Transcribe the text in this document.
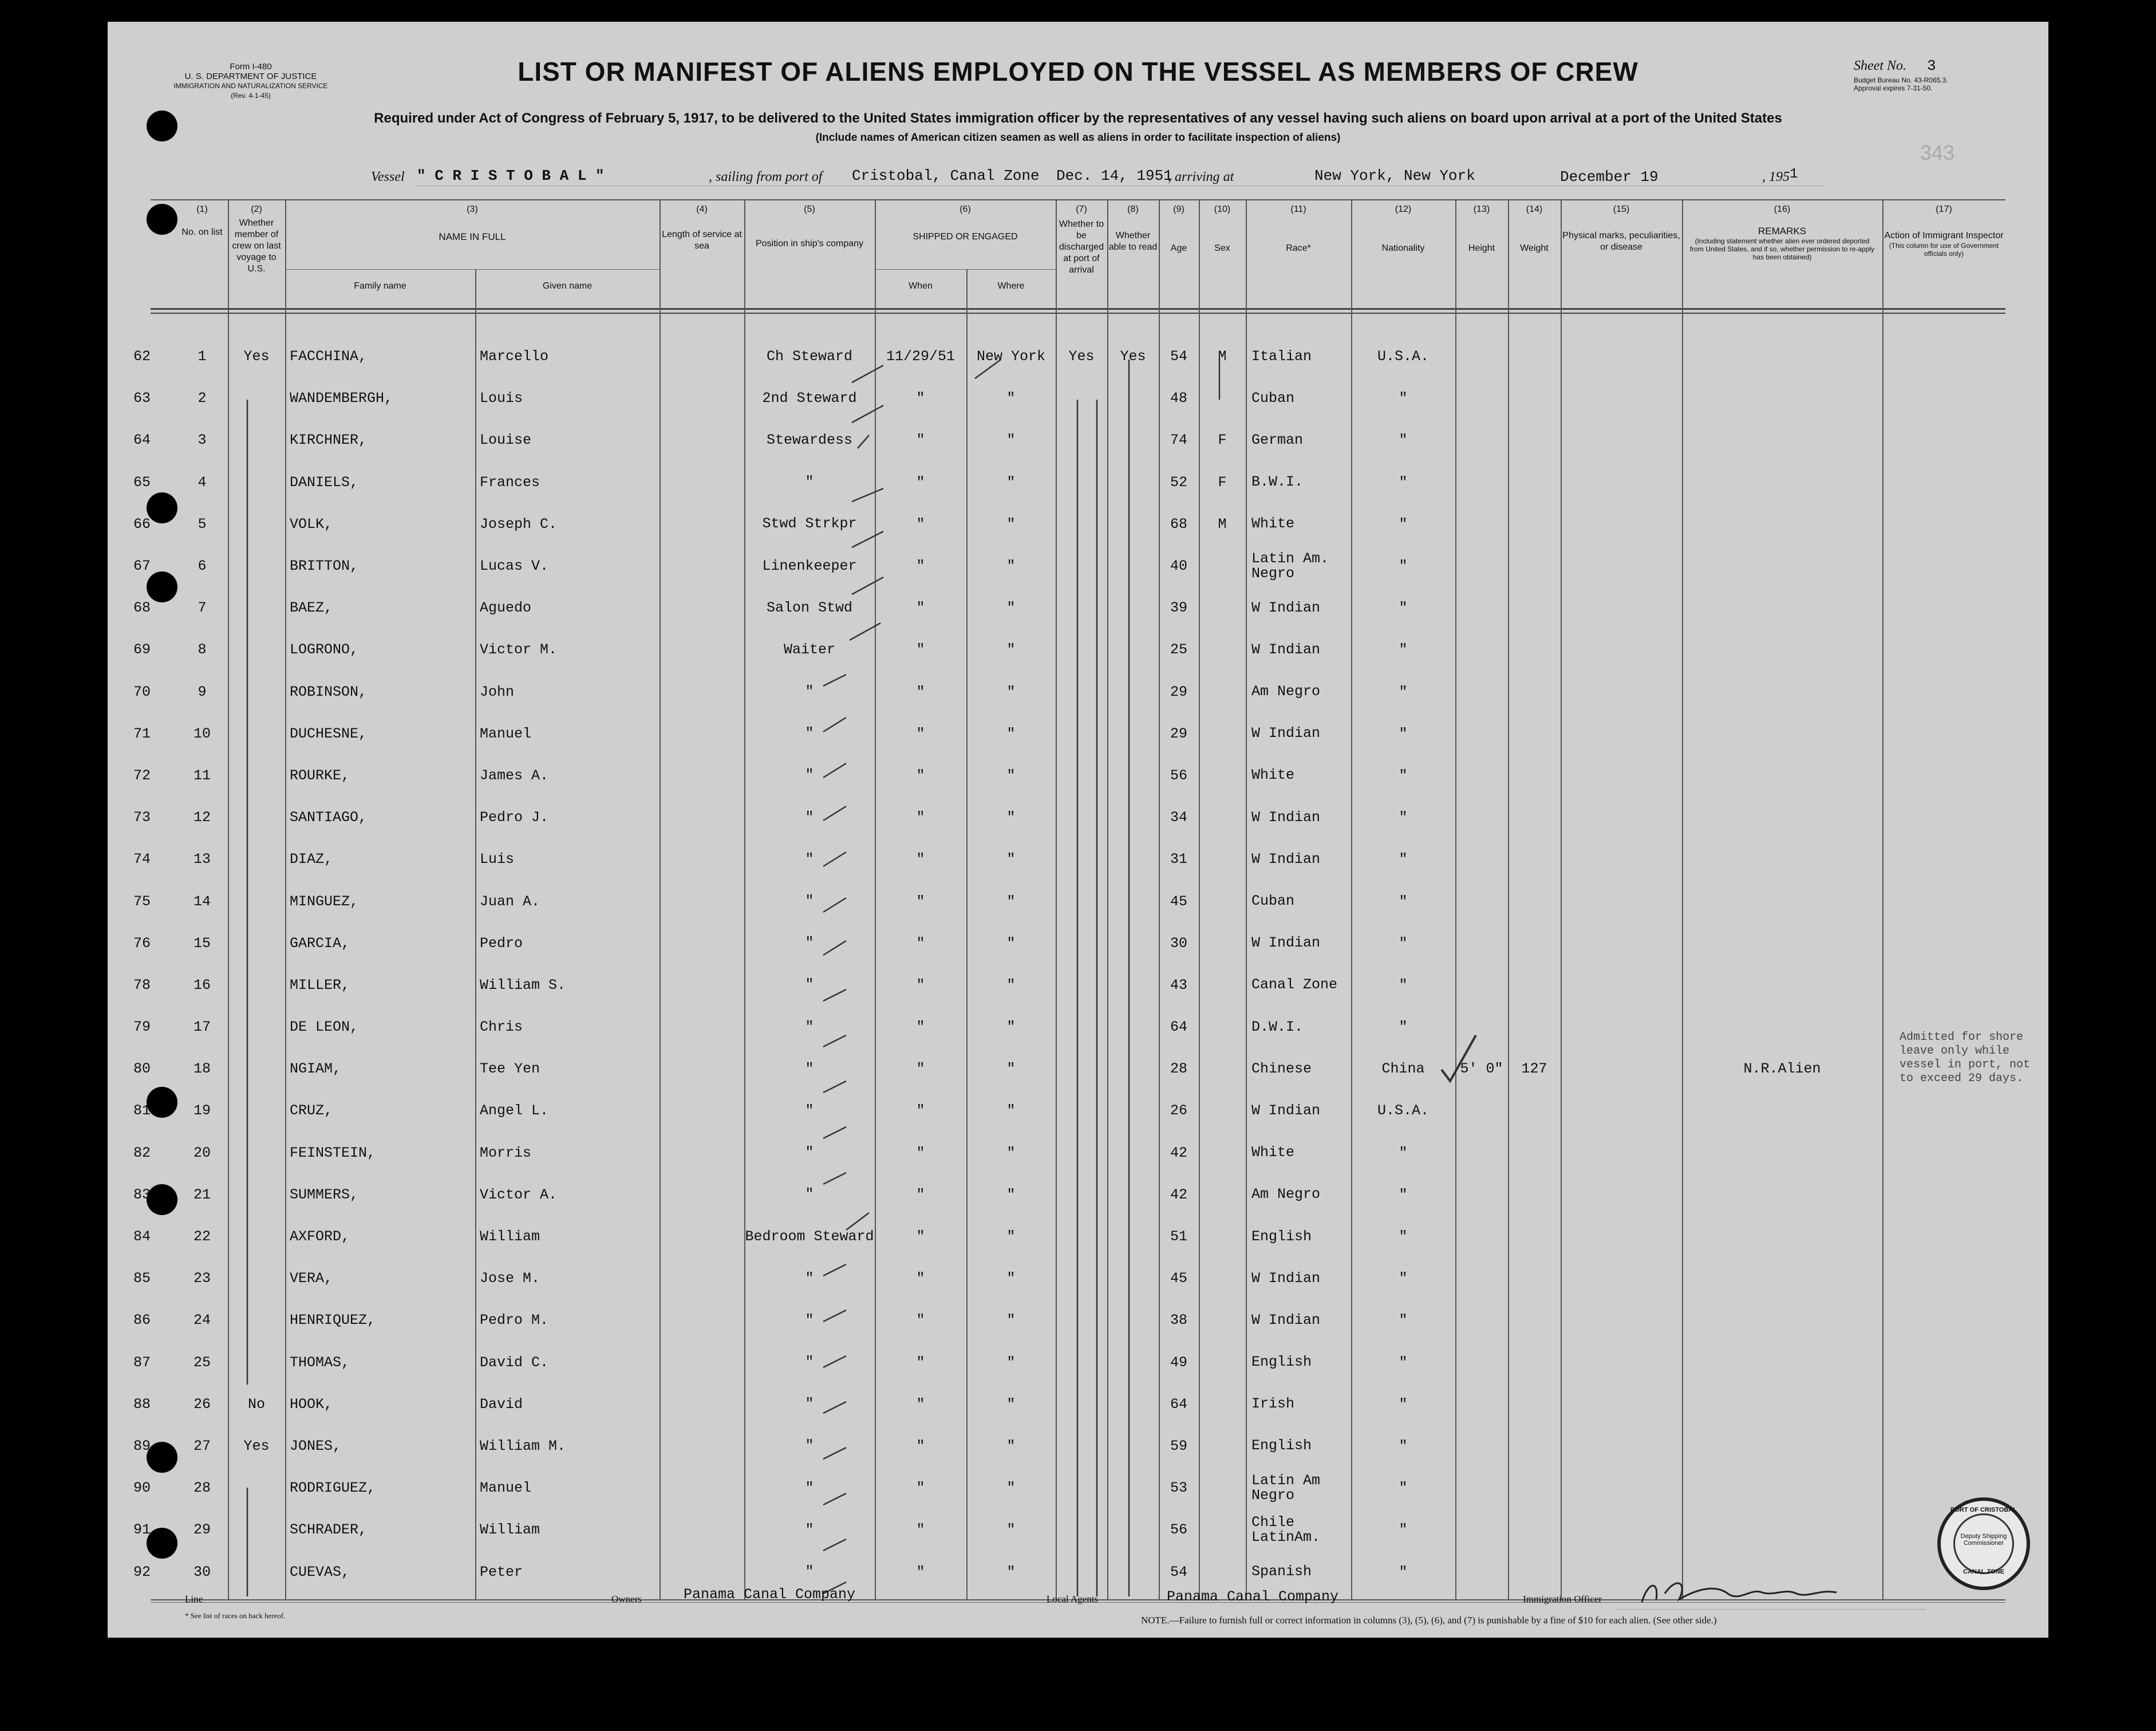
Form I-480
U. S. DEPARTMENT OF JUSTICE
IMMIGRATION AND NATURALIZATION SERVICE
(Rev. 4-1-45)
LIST OR MANIFEST OF ALIENS EMPLOYED ON THE VESSEL AS MEMBERS OF CREW	Sheet No. 3
Budget Bureau No. 43-R065.3.
Approval expires 7-31-50.
Required under Act of Congress of February 5, 1917, to be delivered to the United States immigration officer by the representatives of any vessel having such aliens on board upon arrival at a port of the United States
(Include names of American citizen seamen as well as aliens in order to facilitate inspection of aliens)
343
Vessel " C R I S T O B A L "	, sailing from port of Cristobal, Canal Zone Dec. 14, 1951
, arriving at	New York, New York	December 19	, 1951
(1)
No. on list
(2)
Whether member of crew on last voyage to U.S.
(3)
NAME IN FULL
Family name	Given name
(4)
Length of service at sea
(5)
Position in ship's company
(6)
SHIPPED OR ENGAGED
When	Where
(7)
Whether to be discharged at port of arrival
(8)
Whether able to read
(9)
Age
(10)
Sex
(11)
Race*
(12)
Nationality
(13)
Height
(14)
Weight
(15)
Physical marks, peculiarities, or disease
(16)
REMARKS
(Including statement whether alien ever ordered deported from United States, and if so, whether permission to re-apply has been obtained)
(17)
Action of Immigrant Inspector
(This column for use of Government officials only)
62	1	Yes	FACCHINA,	Marcello		Ch Steward	11/29/51	New York	Yes	Yes	54	M	Italian	U.S.A.					
63	2		WANDEMBERGH,	Louis		2nd Steward	"	"			48		Cuban	"					
64	3		KIRCHNER,	Louise		Stewardess	"	"			74	F	German	"					
65	4		DANIELS,	Frances		"	"	"			52	F	B.W.I.	"					
66	5		VOLK,	Joseph C.		Stwd Strkpr	"	"			68	M	White	"					
67	6		BRITTON,	Lucas V.		Linenkeeper	"	"			40		Latin Am. Negro	"					
68	7		BAEZ,	Aguedo		Salon Stwd	"	"			39		W Indian	"					
69	8		LOGRONO,	Victor M.		Waiter	"	"			25		W Indian	"					
70	9		ROBINSON,	John		"	"	"			29		Am Negro	"					
71	10		DUCHESNE,	Manuel		"	"	"			29		W Indian	"					
72	11		ROURKE,	James A.		"	"	"			56		White	"					
73	12		SANTIAGO,	Pedro J.		"	"	"			34		W Indian	"					
74	13		DIAZ,	Luis		"	"	"			31		W Indian	"					
75	14		MINGUEZ,	Juan A.		"	"	"			45		Cuban	"					
76	15		GARCIA,	Pedro		"	"	"			30		W Indian	"					
78	16		MILLER,	William S.		"	"	"			43		Canal Zone	"					
79	17		DE LEON,	Chris		"	"	"			64		D.W.I.	"					
80	18		NGIAM,	Tee Yen		"	"	"			28		Chinese	China	5' 0"	127		N.R.Alien	
81	19		CRUZ,	Angel L.		"	"	"			26		W Indian	U.S.A.					
82	20		FEINSTEIN,	Morris		"	"	"			42		White	"					
83	21		SUMMERS,	Victor A.		"	"	"			42		Am Negro	"					
84	22		AXFORD,	William		Bedroom Steward	"	"			51		English	"					
85	23		VERA,	Jose M.		"	"	"			45		W Indian	"					
86	24		HENRIQUEZ,	Pedro M.		"	"	"			38		W Indian	"					
87	25		THOMAS,	David C.		"	"	"			49		English	"					
88	26	No	HOOK,	David		"	"	"			64		Irish	"					
89	27	Yes	JONES,	William M.		"	"	"			59		English	"					
90	28		RODRIGUEZ,	Manuel		"	"	"			53		Latin Am Negro	"					
91	29		SCHRADER,	William		"	"	"			56		Chile LatinAm.	"					
92	30		CUEVAS,	Peter		"	"	"			54		Spanish	"					
Admitted for shore leave only while vessel in port, not to exceed 29 days.
Line	Owners	Panama Canal Company	Local Agents	Panama Canal Company	Immigration Officer
* See list of races on back hereof.	NOTE.—Failure to furnish full or correct information in columns (3), (5), (6), and (7) is punishable by a fine of $10 for each alien. (See other side.)
PORT OF CRISTOBAL
Deputy Shipping Commissioner
CANAL ZONE
